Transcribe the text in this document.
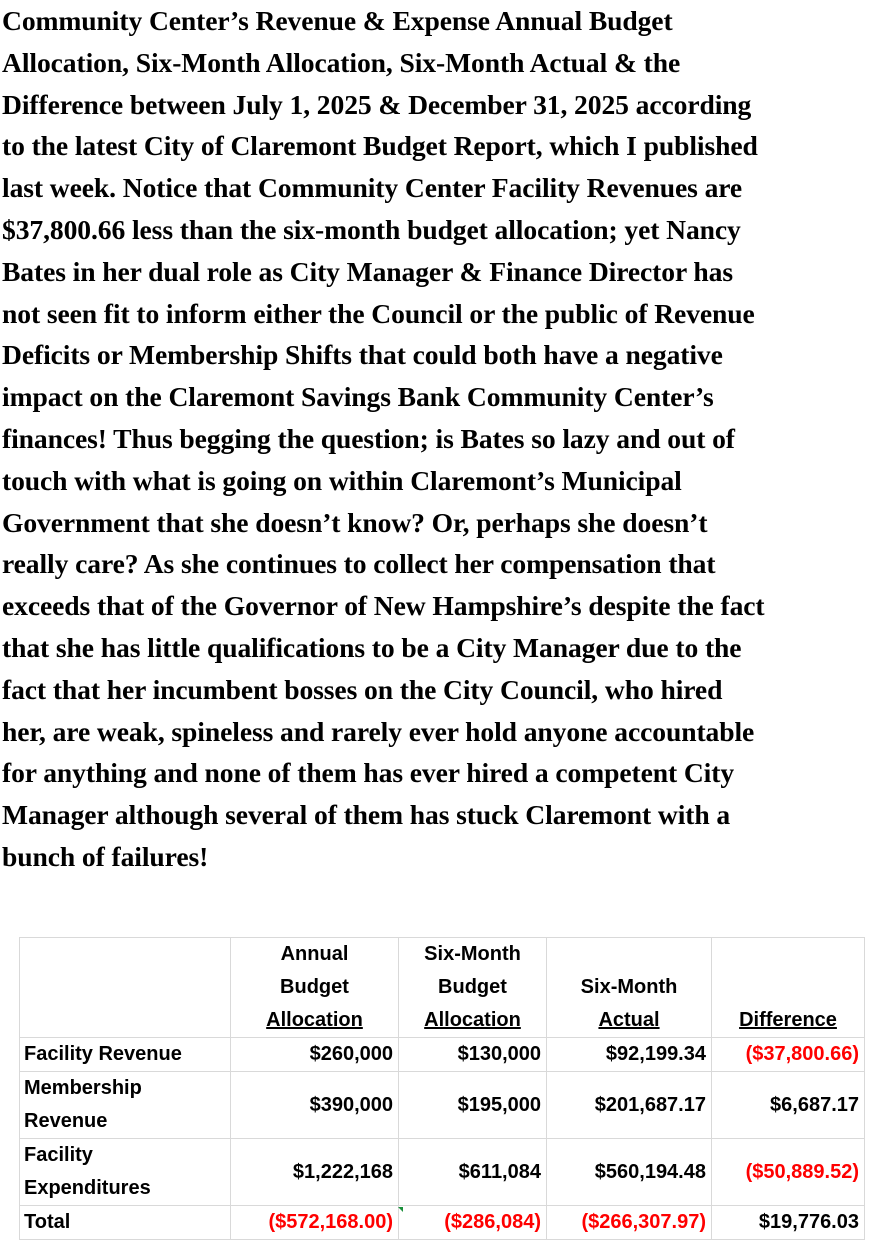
Community Center’s Revenue & Expense Annual Budget
Allocation, Six-Month Allocation, Six-Month Actual & the
Difference between July 1, 2025 & December 31, 2025 according
to the latest City of Claremont Budget Report, which I published
last week. Notice that Community Center Facility Revenues are
$37,800.66 less than the six-month budget allocation; yet Nancy
Bates in her dual role as City Manager & Finance Director has
not seen fit to inform either the Council or the public of Revenue
Deficits or Membership Shifts that could both have a negative
impact on the Claremont Savings Bank Community Center’s
finances! Thus begging the question; is Bates so lazy and out of
touch with what is going on within Claremont’s Municipal
Government that she doesn’t know? Or, perhaps she doesn’t
really care? As she continues to collect her compensation that
exceeds that of the Governor of New Hampshire’s despite the fact
that she has little qualifications to be a City Manager due to the
fact that her incumbent bosses on the City Council, who hired
her, are weak, spineless and rarely ever hold anyone accountable
for anything and none of them has ever hired a competent City
Manager although several of them has stuck Claremont with a
bunch of failures!

	Annual
Budget
Allocation	Six-Month
Budget
Allocation	Six-Month
Actual	Difference

Facility Revenue	$260,000	$130,000	$92,199.34	($37,800.66)

Membership
Revenue	$390,000	$195,000	$201,687.17	$6,687.17

Facility
Expenditures	$1,222,168	$611,084	$560,194.48	($50,889.52)
Total	($572,168.00)	($286,084)	($266,307.97)	$19,776.03
